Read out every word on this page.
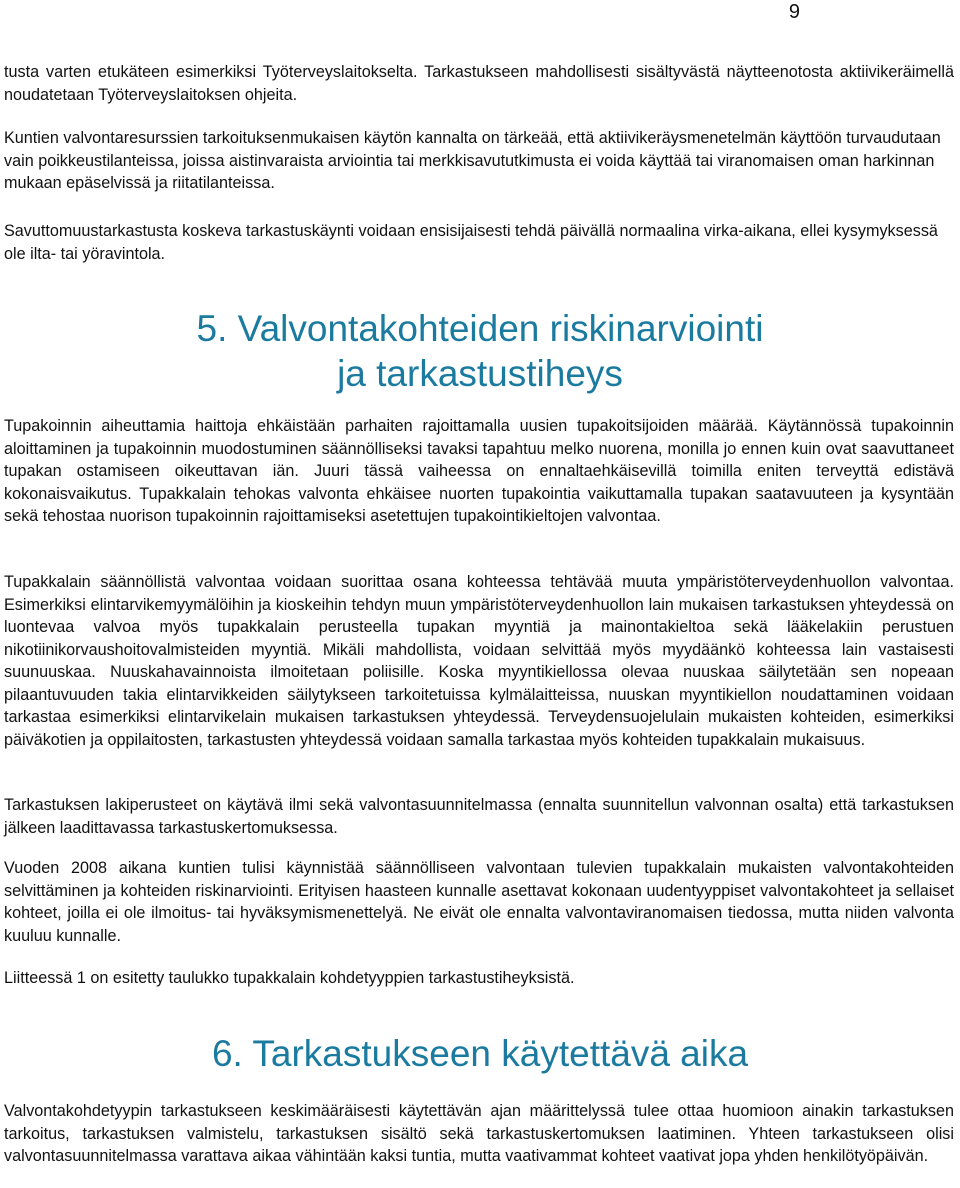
9

tusta varten etukäteen esimerkiksi Työterveyslaitokselta. Tarkastukseen mahdollisesti sisältyvästä näytteenotosta aktiivikeräimellä noudatetaan Työterveyslaitoksen ohjeita.

Kuntien valvontaresurssien tarkoituksenmukaisen käytön kannalta on tärkeää, että aktiivikeräysmenetelmän käyttöön turvaudutaan vain poikkeustilanteissa, joissa aistinvaraista arviointia tai merkkisavututkimusta ei voida käyttää tai viranomaisen oman harkinnan mukaan epäselvissä ja riitatilanteissa.

Savuttomuustarkastusta koskeva tarkastuskäynti voidaan ensisijaisesti tehdä päivällä normaalina virka-aikana, ellei kysymyksessä ole ilta- tai yöravintola.

5. Valvontakohteiden riskinarviointi
ja tarkastustiheys

Tupakoinnin aiheuttamia haittoja ehkäistään parhaiten rajoittamalla uusien tupakoitsijoiden määrää. Käytännössä tupakoinnin aloittaminen ja tupakoinnin muodostuminen säännölliseksi tavaksi tapahtuu melko nuorena, monilla jo ennen kuin ovat saavuttaneet tupakan ostamiseen oikeuttavan iän. Juuri tässä vaiheessa on ennaltaehkäisevillä toimilla eniten terveyttä edistävä kokonaisvaikutus. Tupakkalain tehokas valvonta ehkäisee nuorten tupakointia vaikuttamalla tupakan saatavuuteen ja kysyntään sekä tehostaa nuorison tupakoinnin rajoittamiseksi asetettujen tupakointikieltojen valvontaa.

Tupakkalain säännöllistä valvontaa voidaan suorittaa osana kohteessa tehtävää muuta ympäristöterveydenhuollon valvontaa. Esimerkiksi elintarvikemyymälöihin ja kioskeihin tehdyn muun ympäristöterveydenhuollon lain mukaisen tarkastuksen yhteydessä on luontevaa valvoa myös tupakkalain perusteella tupakan myyntiä ja mainontakieltoa sekä lääkelakiin perustuen nikotiinikorvaushoitovalmisteiden myyntiä. Mikäli mahdollista, voidaan selvittää myös myydäänkö kohteessa lain vastaisesti suunuuskaa. Nuuskahavainnoista ilmoitetaan poliisille. Koska myyntikiellossa olevaa nuuskaa säilytetään sen nopeaan pilaantuvuuden takia elintarvikkeiden säilytykseen tarkoitetuissa kylmälaitteissa, nuuskan myyntikiellon noudattaminen voidaan tarkastaa esimerkiksi elintarvikelain mukaisen tarkastuksen yhteydessä. Terveydensuojelulain mukaisten kohteiden, esimerkiksi päiväkotien ja oppilaitosten, tarkastusten yhteydessä voidaan samalla tarkastaa myös kohteiden tupakkalain mukaisuus.

Tarkastuksen lakiperusteet on käytävä ilmi sekä valvontasuunnitelmassa (ennalta suunnitellun valvonnan osalta) että tarkastuksen jälkeen laadittavassa tarkastuskertomuksessa.

Vuoden 2008 aikana kuntien tulisi käynnistää säännölliseen valvontaan tulevien tupakkalain mukaisten valvontakohteiden selvittäminen ja kohteiden riskinarviointi. Erityisen haasteen kunnalle asettavat kokonaan uudentyyppiset valvontakohteet ja sellaiset kohteet, joilla ei ole ilmoitus- tai hyväksymismenettelyä. Ne eivät ole ennalta valvontaviranomaisen tiedossa, mutta niiden valvonta kuuluu kunnalle.

Liitteessä 1 on esitetty taulukko tupakkalain kohdetyyppien tarkastustiheyksistä.

6. Tarkastukseen käytettävä aika

Valvontakohdetyypin tarkastukseen keskimääräisesti käytettävän ajan määrittelyssä tulee ottaa huomioon ainakin tarkastuksen tarkoitus, tarkastuksen valmistelu, tarkastuksen sisältö sekä tarkastuskertomuksen laatiminen. Yhteen tarkastukseen olisi valvontasuunnitelmassa varattava aikaa vähintään kaksi tuntia, mutta vaativammat kohteet vaativat jopa yhden henkilötyöpäivän.
